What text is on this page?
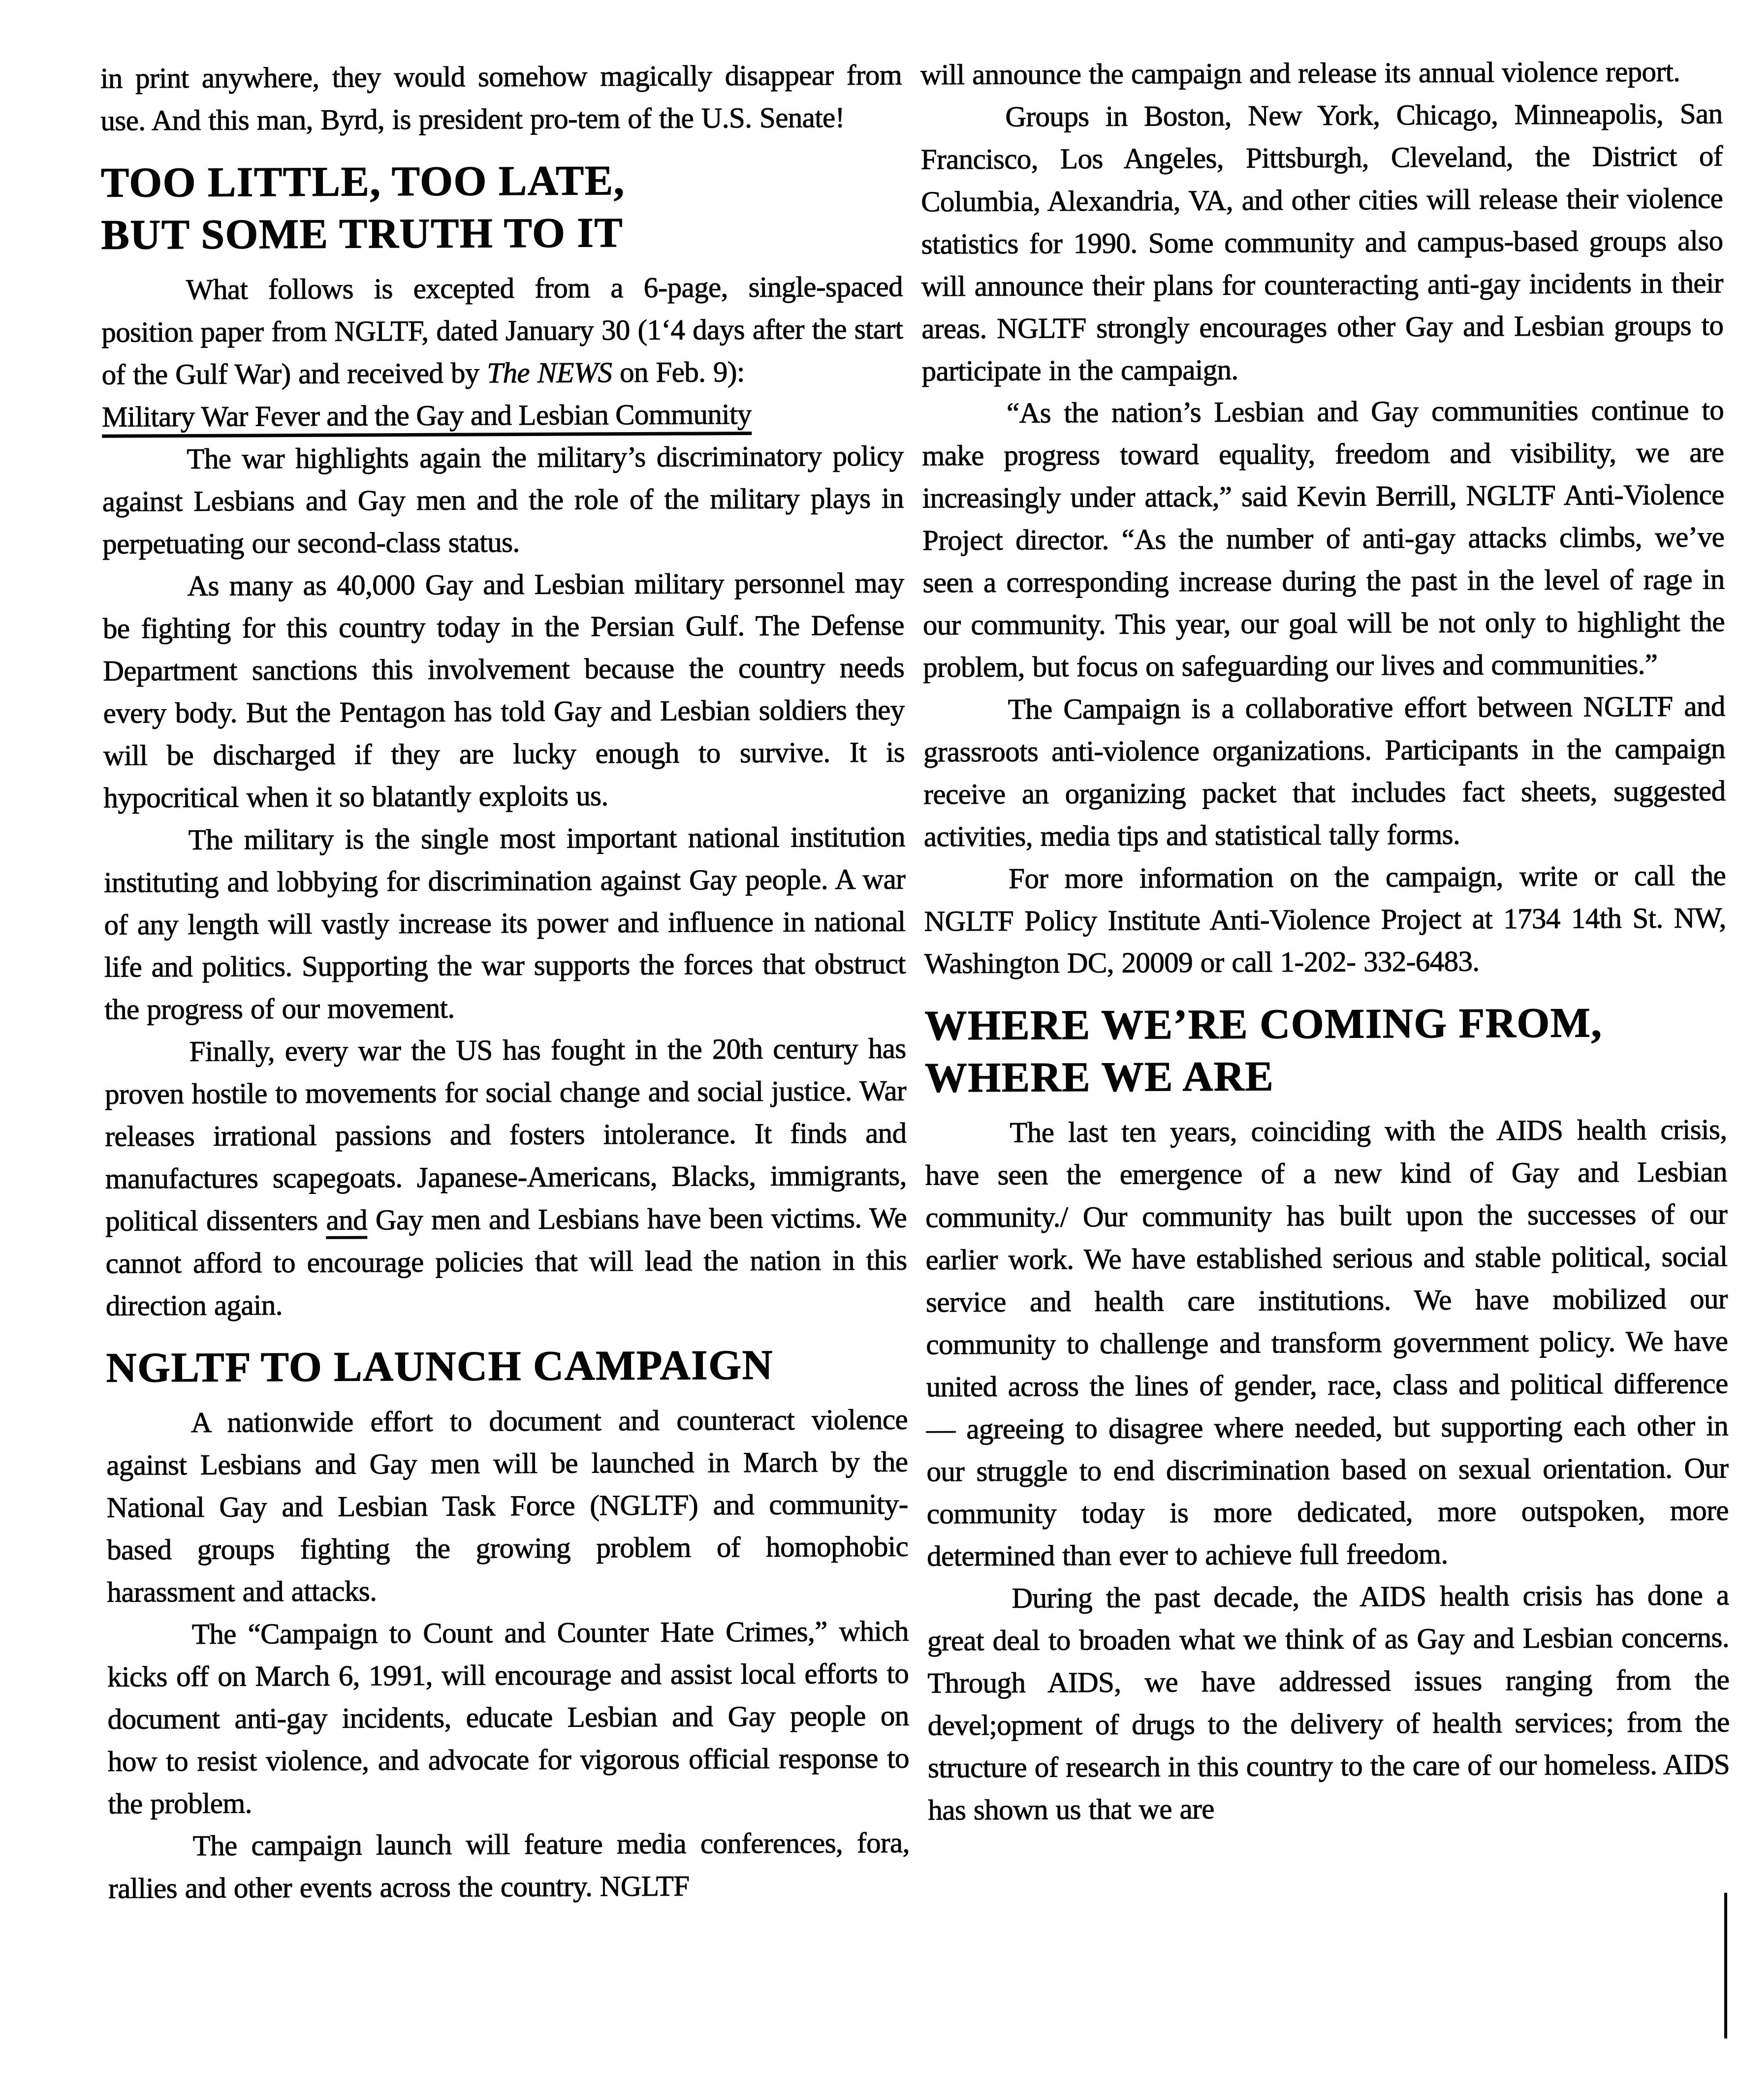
in print anywhere, they would somehow magically disappear from use. And this man, Byrd, is president pro-tem of the U.S. Senate!

TOO LITTLE, TOO LATE,
BUT SOME TRUTH TO IT

What follows is excepted from a 6-page, single-spaced position paper from NGLTF, dated January 30 (1‘4 days after the start of the Gulf War) and received by The NEWS on Feb. 9):

Military War Fever and the Gay and Lesbian Community

The war highlights again the military’s discriminatory policy against Lesbians and Gay men and the role of the military plays in perpetuating our second-class status.

As many as 40,000 Gay and Lesbian military personnel may be fighting for this country today in the Persian Gulf. The Defense Department sanctions this involvement because the country needs every body. But the Pentagon has told Gay and Lesbian soldiers they will be discharged if they are lucky enough to survive. It is hypocritical when it so blatantly exploits us.

The military is the single most important national institution instituting and lobbying for discrimination against Gay people. A war of any length will vastly increase its power and influence in national life and politics. Supporting the war supports the forces that obstruct the progress of our movement.

Finally, every war the US has fought in the 20th century has proven hostile to movements for social change and social justice. War releases irrational passions and fosters intolerance. It finds and manufactures scapegoats. Japanese-Americans, Blacks, immigrants, political dissenters and Gay men and Lesbians have been victims. We cannot afford to encourage policies that will lead the nation in this direction again.

NGLTF TO LAUNCH CAMPAIGN

A nationwide effort to document and counteract violence against Lesbians and Gay men will be launched in March by the National Gay and Lesbian Task Force (NGLTF) and community-based groups fighting the growing problem of homophobic harassment and attacks.

The “Campaign to Count and Counter Hate Crimes,” which kicks off on March 6, 1991, will encourage and assist local efforts to document anti-gay incidents, educate Lesbian and Gay people on how to resist violence, and advocate for vigorous official response to the problem.

The campaign launch will feature media conferences, fora, rallies and other events across the country. NGLTF

will announce the campaign and release its annual violence report.

Groups in Boston, New York, Chicago, Minneapolis, San Francisco, Los Angeles, Pittsburgh, Cleveland, the District of Columbia, Alexandria, VA, and other cities will release their violence statistics for 1990. Some community and campus-based groups also will announce their plans for counteracting anti-gay incidents in their areas. NGLTF strongly encourages other Gay and Lesbian groups to participate in the campaign.

“As the nation’s Lesbian and Gay communities continue to make progress toward equality, freedom and visibility, we are increasingly under attack,” said Kevin Berrill, NGLTF Anti-Violence Project director. “As the number of anti-gay attacks climbs, we’ve seen a corresponding increase during the past in the level of rage in our community. This year, our goal will be not only to highlight the problem, but focus on safeguarding our lives and communities.”

The Campaign is a collaborative effort between NGLTF and grassroots anti-violence organizations. Participants in the campaign receive an organizing packet that includes fact sheets, suggested activities, media tips and statistical tally forms.

For more information on the campaign, write or call the NGLTF Policy Institute Anti-Violence Project at 1734 14th St. NW, Washington DC, 20009 or call 1-202- 332-6483.

WHERE WE’RE COMING FROM,
WHERE WE ARE

The last ten years, coinciding with the AIDS health crisis, have seen the emergence of a new kind of Gay and Lesbian community./ Our community has built upon the successes of our earlier work. We have established serious and stable political, social service and health care institutions. We have mobilized our community to challenge and transform government policy. We have united across the lines of gender, race, class and political difference — agreeing to disagree where needed, but supporting each other in our struggle to end discrimination based on sexual orientation. Our community today is more dedicated, more outspoken, more determined than ever to achieve full freedom.

During the past decade, the AIDS health crisis has done a great deal to broaden what we think of as Gay and Lesbian concerns. Through AIDS, we have addressed issues ranging from the devel;opment of drugs to the delivery of health services; from the structure of research in this country to the care of our homeless. AIDS has shown us that we are
